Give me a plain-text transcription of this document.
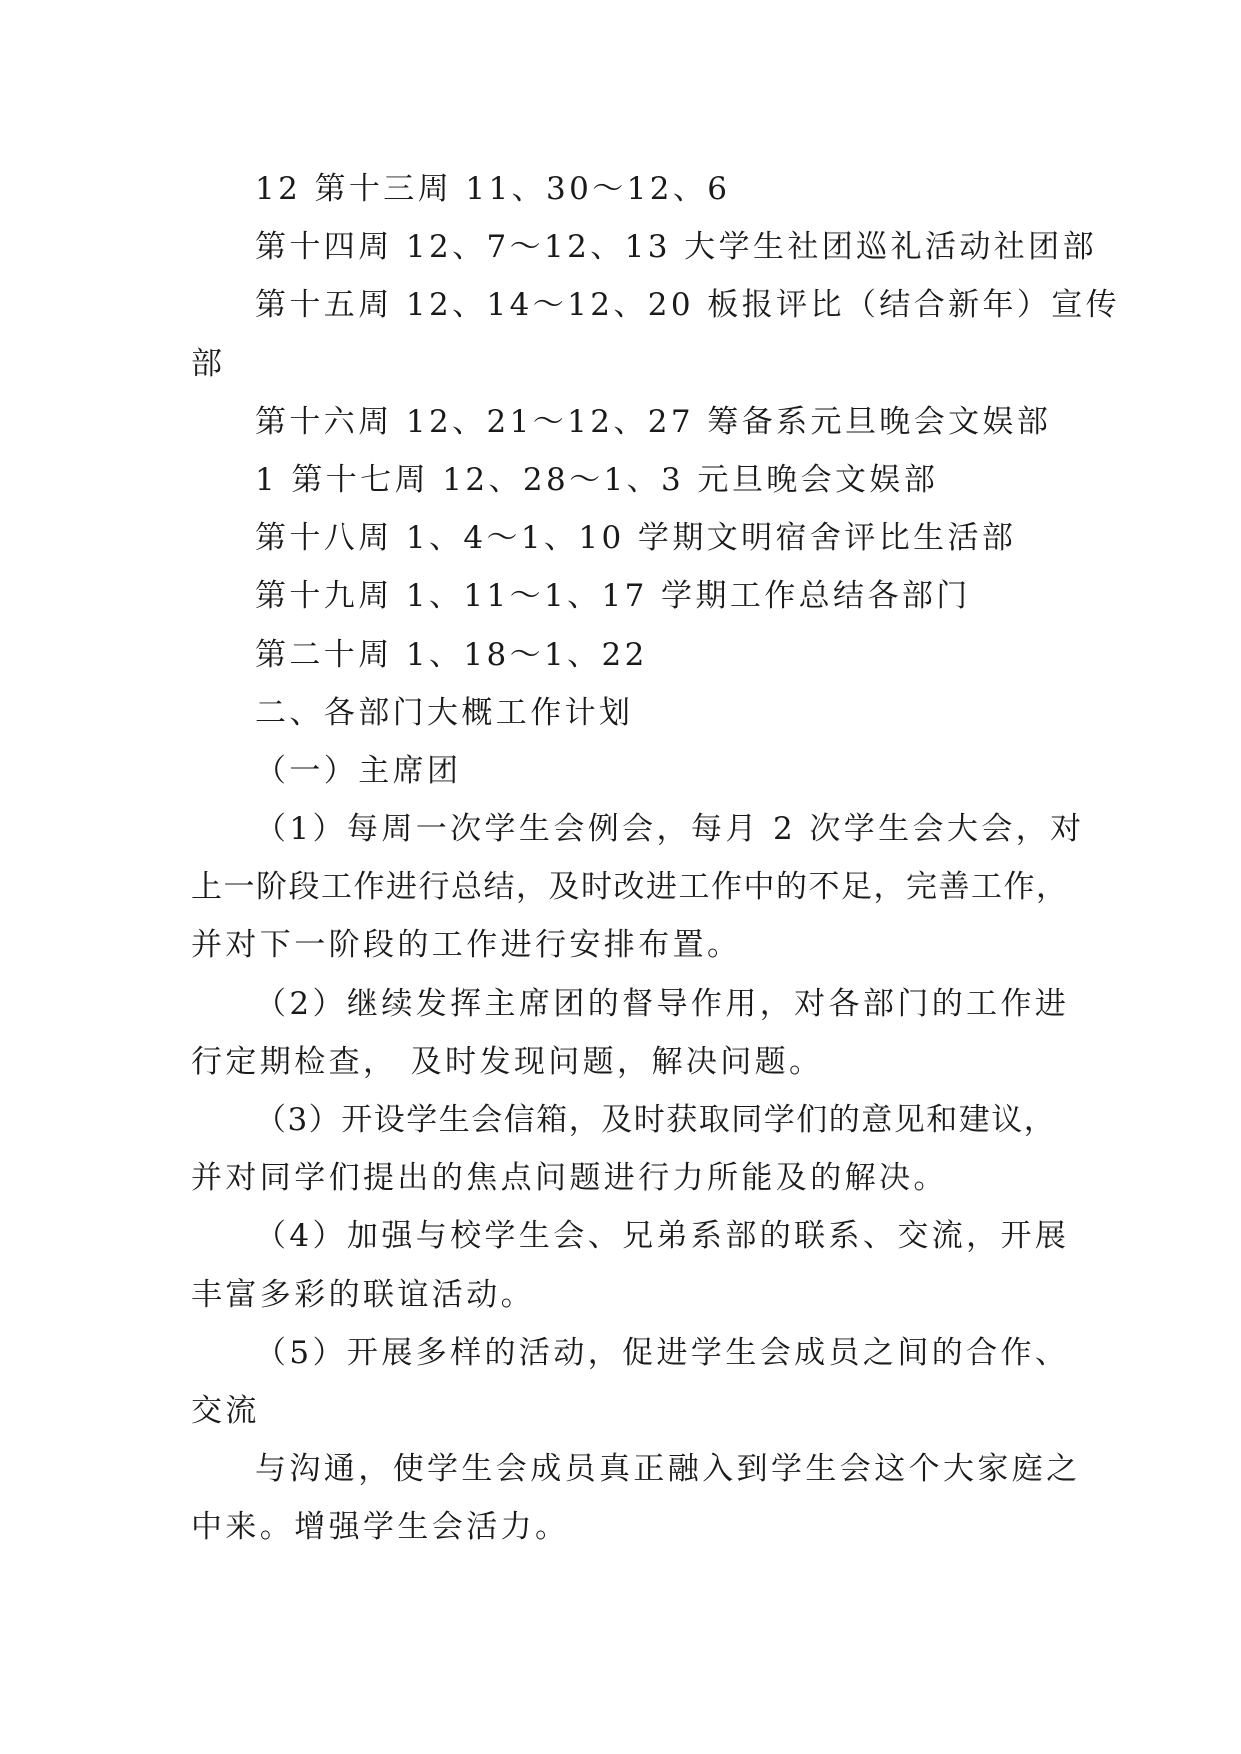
12 第十三周 11、30～12、6
第十四周 12、7～12、13 大学生社团巡礼活动社团部
第十五周 12、14～12、20 板报评比（结合新年）宣传
部
第十六周 12、21～12、27 筹备系元旦晚会文娱部
1 第十七周 12、28～1、3 元旦晚会文娱部
第十八周 1、4～1、10 学期文明宿舍评比生活部
第十九周 1、11～1、17 学期工作总结各部门
第二十周 1、18～1、22
二、各部门大概工作计划
（一）主席团
（1）每周一次学生会例会，每月 2 次学生会大会，对
上一阶段工作进行总结，及时改进工作中的不足，完善工作，
并对下一阶段的工作进行安排布置。
（2）继续发挥主席团的督导作用，对各部门的工作进
行定期检查， 及时发现问题，解决问题。
（3）开设学生会信箱，及时获取同学们的意见和建议，
并对同学们提出的焦点问题进行力所能及的解决。
（4）加强与校学生会、兄弟系部的联系、交流，开展
丰富多彩的联谊活动。
（5）开展多样的活动，促进学生会成员之间的合作、
交流
与沟通，使学生会成员真正融入到学生会这个大家庭之
中来。增强学生会活力。
